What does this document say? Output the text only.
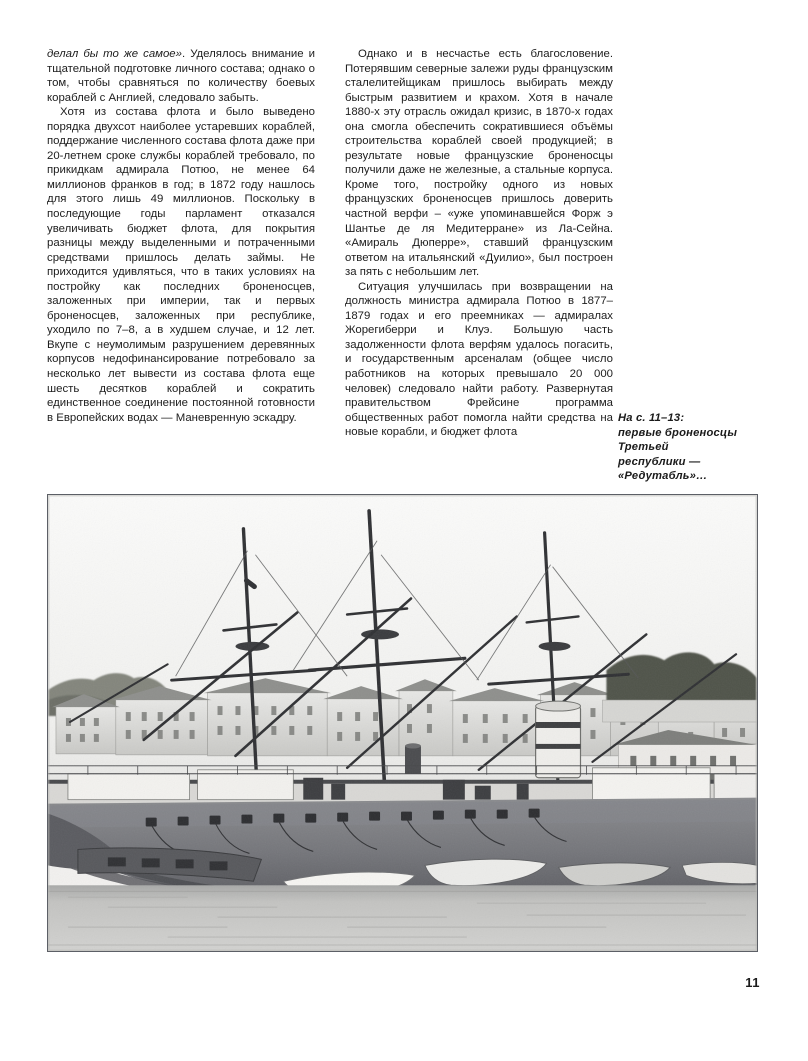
делал бы то же самое». Уделялось внимание и тщательной подготовке личного состава; однако о том, чтобы сравняться по количеству боевых кораблей с Англией, следовало забыть.

Хотя из состава флота и было выведено порядка двухсот наиболее устаревших кораблей, поддержание численного состава флота даже при 20-летнем сроке службы кораблей требовало, по прикидкам адмирала Потюо, не менее 64 миллионов франков в год; в 1872 году нашлось для этого лишь 49 миллионов. Поскольку в последующие годы парламент отказался увеличивать бюджет флота, для покрытия разницы между выделенными и потраченными средствами пришлось делать займы. Не приходится удивляться, что в таких условиях на постройку как последних броненосцев, заложенных при империи, так и первых броненосцев, заложенных при республике, уходило по 7–8, а в худшем случае, и 12 лет. Вкупе с неумолимым разрушением деревянных корпусов недофинансирование потребовало за несколько лет вывести из состава флота еще шесть десятков кораблей и сократить единственное соединение постоянной готовности в Европейских водах — Маневренную эскадру.

Однако и в несчастье есть благословение. Потерявшим северные залежи руды французским сталелитейщикам пришлось выбирать между быстрым развитием и крахом. Хотя в начале 1880-х эту отрасль ожидал кризис, в 1870-х годах она смогла обеспечить сократившиеся объёмы строительства кораблей своей продукцией; в результате новые французские броненосцы получили даже не железные, а стальные корпуса. Кроме того, постройку одного из новых французских броненосцев пришлось доверить частной верфи – «уже упоминавшейся Форж э Шантье де ля Медитерране» из Ла-Сейна. «Амираль Дюперре», ставший французским ответом на итальянский «Дуилио», был построен за пять с небольшим лет.

Ситуация улучшилась при возвращении на должность министра адмирала Потюо в 1877–1879 годах и его преемниках — адмиралах Жорегиберри и Клуэ. Большую часть задолженности флота верфям удалось погасить, и государственным арсеналам (общее число работников на которых превышало 20 000 человек) следовало найти работу. Развернутая правительством Фрейсине программа общественных работ помогла найти средства на новые корабли, и бюджет флота

На с. 11–13:
первые броненосцы
Третьей
республики —
«Редутабль»…
11
